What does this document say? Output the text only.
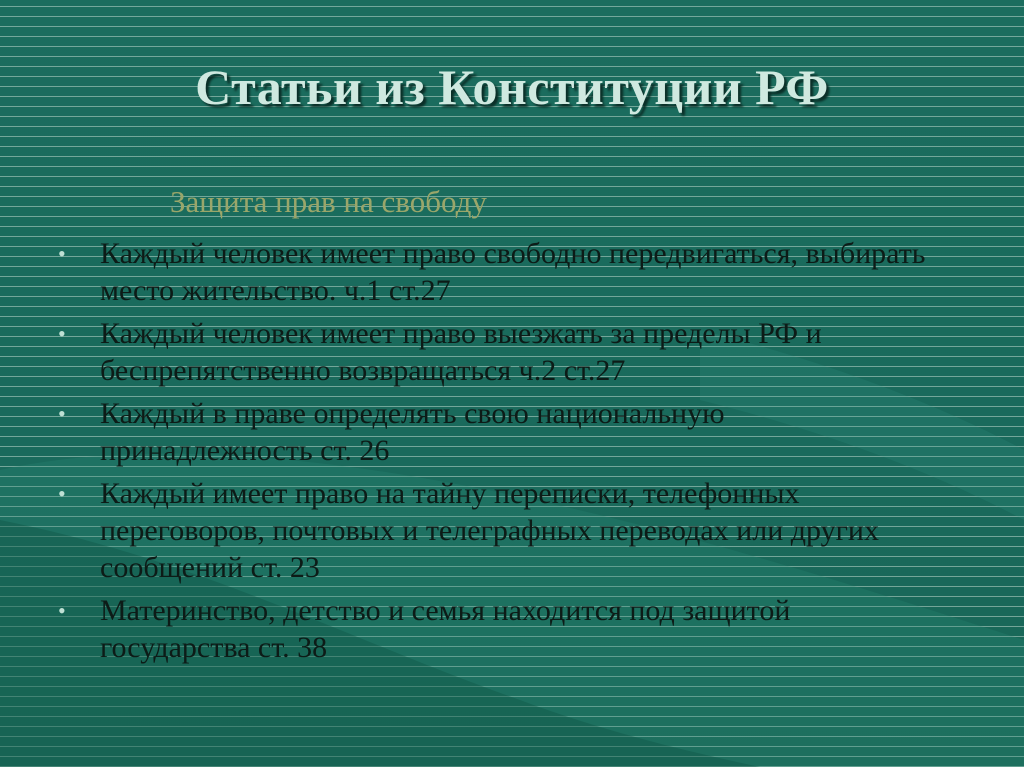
Статьи из Конституции РФ
Защита прав на свободу
• Каждый человек имеет право свободно передвигаться, выбирать место жительство. ч.1 ст.27
• Каждый человек имеет право выезжать за пределы РФ и беспрепятственно возвращаться ч.2 ст.27
• Каждый в праве определять свою национальную принадлежность ст. 26
• Каждый имеет право на тайну переписки, телефонных переговоров, почтовых и телеграфных переводах или других сообщений ст. 23
• Материнство, детство и семья находится под защитой государства ст. 38
